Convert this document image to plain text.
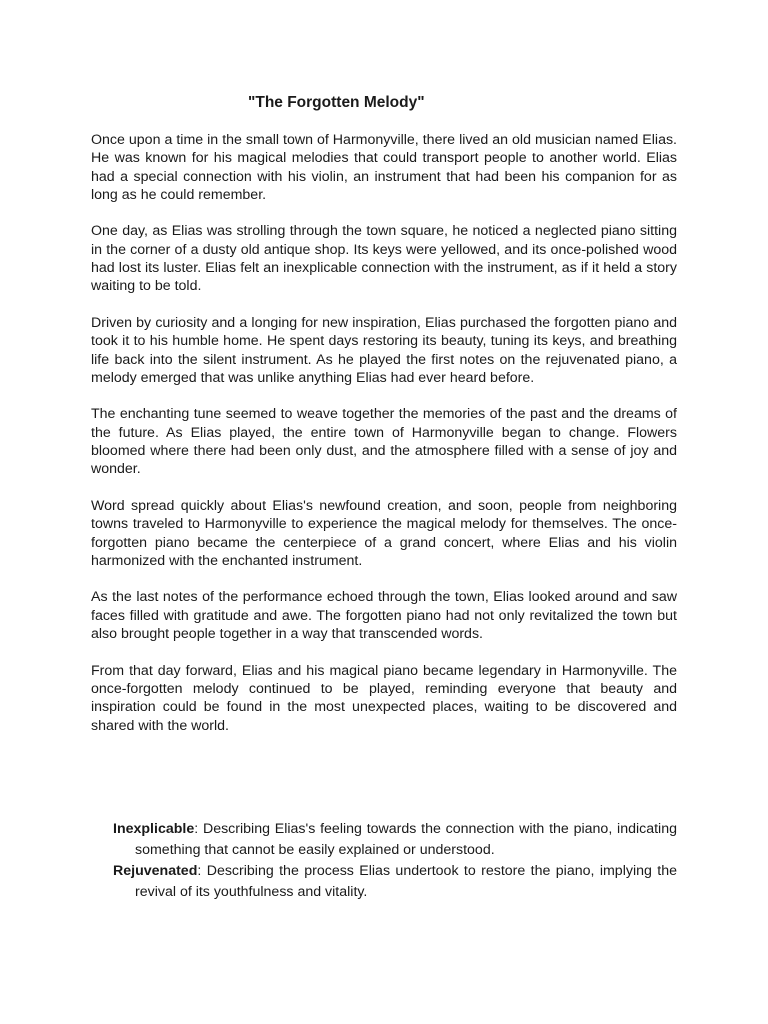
"The Forgotten Melody"

Once upon a time in the small town of Harmonyville, there lived an old musician named Elias. He was known for his magical melodies that could transport people to another world. Elias had a special connection with his violin, an instrument that had been his companion for as long as he could remember.

One day, as Elias was strolling through the town square, he noticed a neglected piano sitting in the corner of a dusty old antique shop. Its keys were yellowed, and its once-polished wood had lost its luster. Elias felt an inexplicable connection with the instrument, as if it held a story waiting to be told.

Driven by curiosity and a longing for new inspiration, Elias purchased the forgotten piano and took it to his humble home. He spent days restoring its beauty, tuning its keys, and breathing life back into the silent instrument. As he played the first notes on the rejuvenated piano, a melody emerged that was unlike anything Elias had ever heard before.

The enchanting tune seemed to weave together the memories of the past and the dreams of the future. As Elias played, the entire town of Harmonyville began to change. Flowers bloomed where there had been only dust, and the atmosphere filled with a sense of joy and wonder.

Word spread quickly about Elias's newfound creation, and soon, people from neighboring towns traveled to Harmonyville to experience the magical melody for themselves. The once-forgotten piano became the centerpiece of a grand concert, where Elias and his violin harmonized with the enchanted instrument.

As the last notes of the performance echoed through the town, Elias looked around and saw faces filled with gratitude and awe. The forgotten piano had not only revitalized the town but also brought people together in a way that transcended words.

From that day forward, Elias and his magical piano became legendary in Harmonyville. The once-forgotten melody continued to be played, reminding everyone that beauty and inspiration could be found in the most unexpected places, waiting to be discovered and shared with the world.

Inexplicable: Describing Elias's feeling towards the connection with the piano, indicating something that cannot be easily explained or understood.

Rejuvenated: Describing the process Elias undertook to restore the piano, implying the revival of its youthfulness and vitality.
